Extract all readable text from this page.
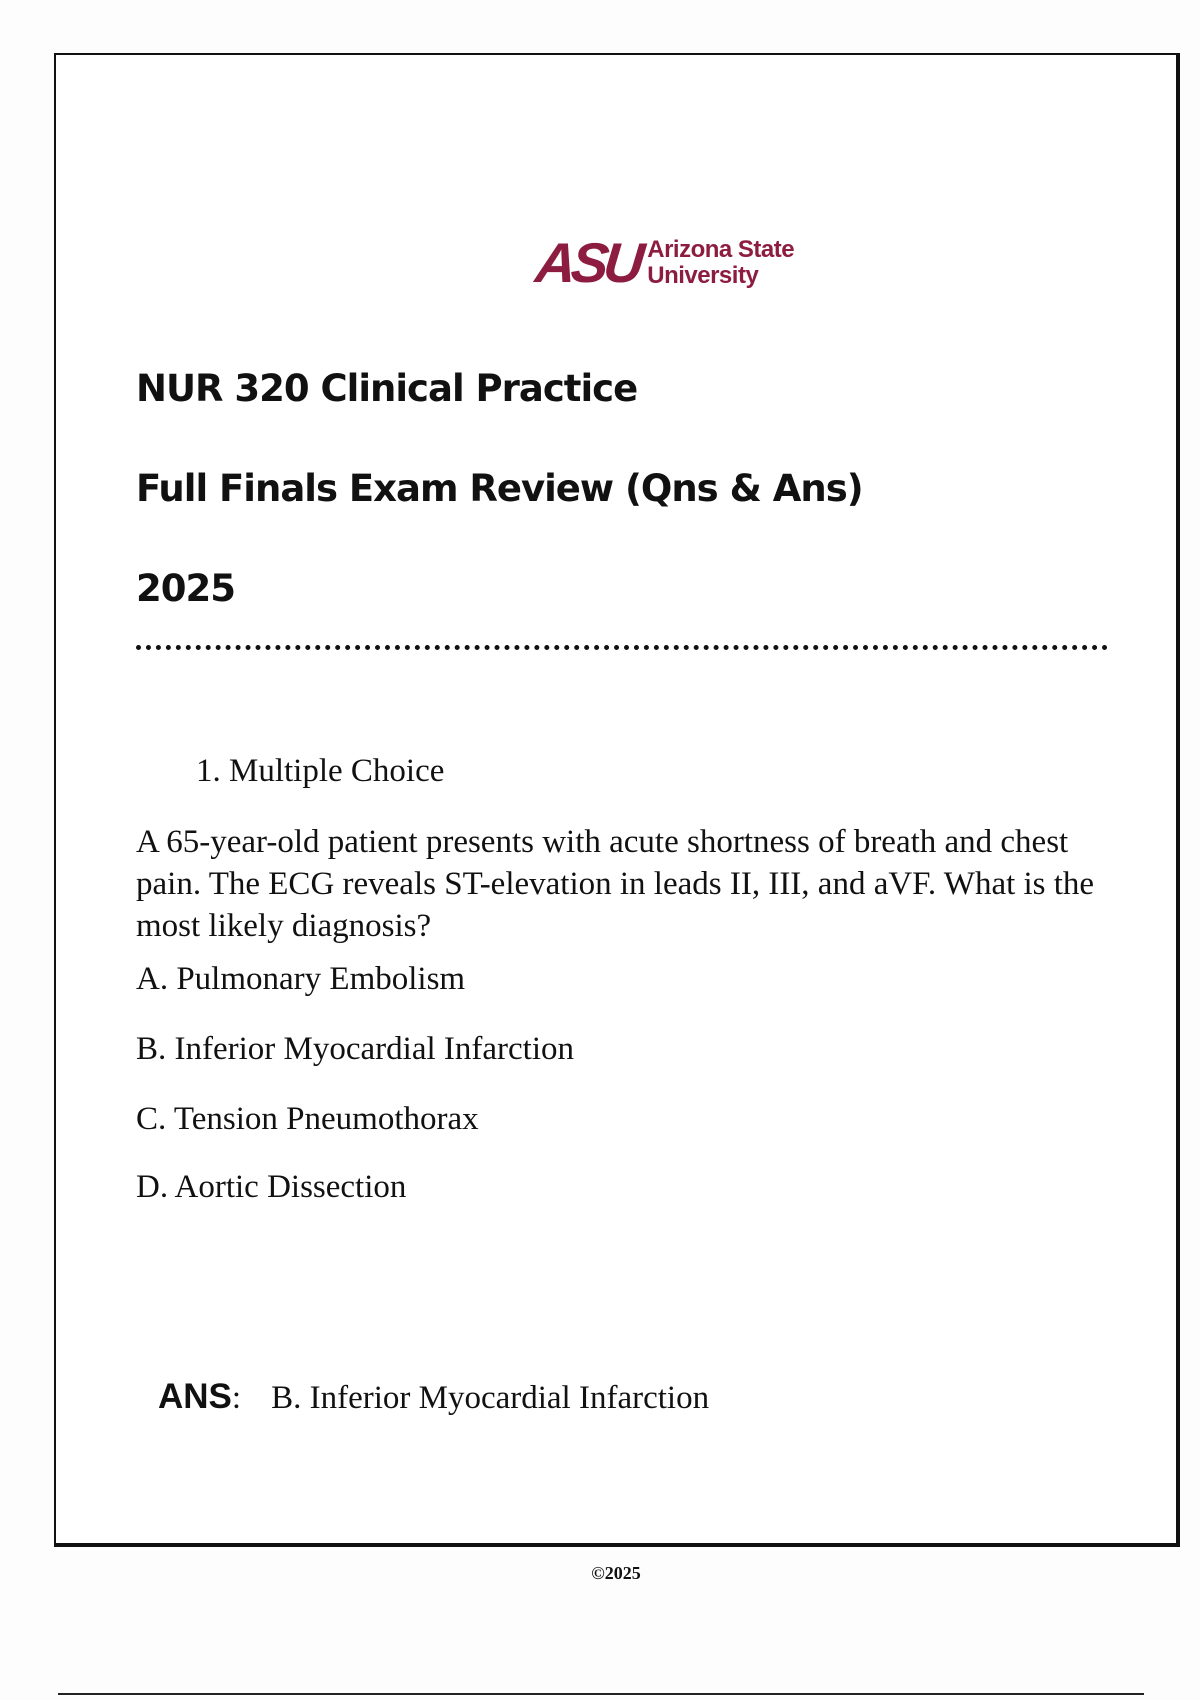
ASU Arizona State
University
NUR 320 Clinical Practice
Full Finals Exam Review (Qns & Ans)
2025
1. Multiple Choice
A 65-year-old patient presents with acute shortness of breath and chest pain. The ECG reveals ST-elevation in leads II, III, and aVF. What is the most likely diagnosis?
A. Pulmonary Embolism
B. Inferior Myocardial Infarction
C. Tension Pneumothorax
D. Aortic Dissection
ANS: B. Inferior Myocardial Infarction
©2025
